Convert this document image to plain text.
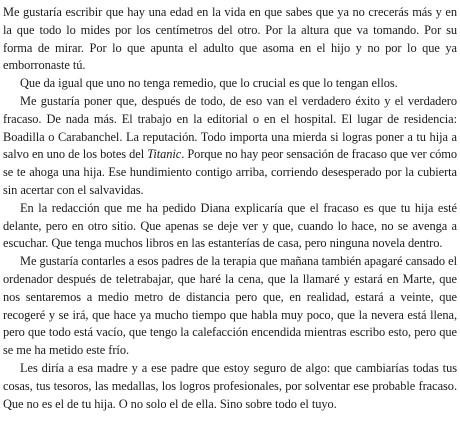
Me gustaría escribir que hay una edad en la vida en que sabes que ya no crecerás más y en la que todo lo mides por los centímetros del otro. Por la altura que va tomando. Por su forma de mirar. Por lo que apunta el adulto que asoma en el hijo y no por lo que ya emborronaste tú.

Que da igual que uno no tenga remedio, que lo crucial es que lo tengan ellos.

Me gustaría poner que, después de todo, de eso van el verdadero éxito y el verdadero fracaso. De nada más. El trabajo en la editorial o en el hospital. El lugar de residencia: Boadilla o Carabanchel. La reputación. Todo importa una mierda si logras poner a tu hija a salvo en uno de los botes del Titanic. Porque no hay peor sensación de fracaso que ver cómo se te ahoga una hija. Ese hundimiento contigo arriba, corriendo desesperado por la cubierta sin acertar con el salvavidas.

En la redacción que me ha pedido Diana explicaría que el fracaso es que tu hija esté delante, pero en otro sitio. Que apenas se deje ver y que, cuando lo hace, no se avenga a escuchar. Que tenga muchos libros en las estanterías de casa, pero ninguna novela dentro.

Me gustaría contarles a esos padres de la terapia que mañana también apagaré cansado el ordenador después de teletrabajar, que haré la cena, que la llamaré y estará en Marte, que nos sentaremos a medio metro de distancia pero que, en realidad, estará a veinte, que recogeré y se irá, que hace ya mucho tiempo que habla muy poco, que la nevera está llena, pero que todo está vacío, que tengo la calefacción encendida mientras escribo esto, pero que se me ha metido este frío.

Les diría a esa madre y a ese padre que estoy seguro de algo: que cambiarías todas tus cosas, tus tesoros, las medallas, los logros profesionales, por solventar ese probable fracaso. Que no es el de tu hija. O no solo el de ella. Sino sobre todo el tuyo.
